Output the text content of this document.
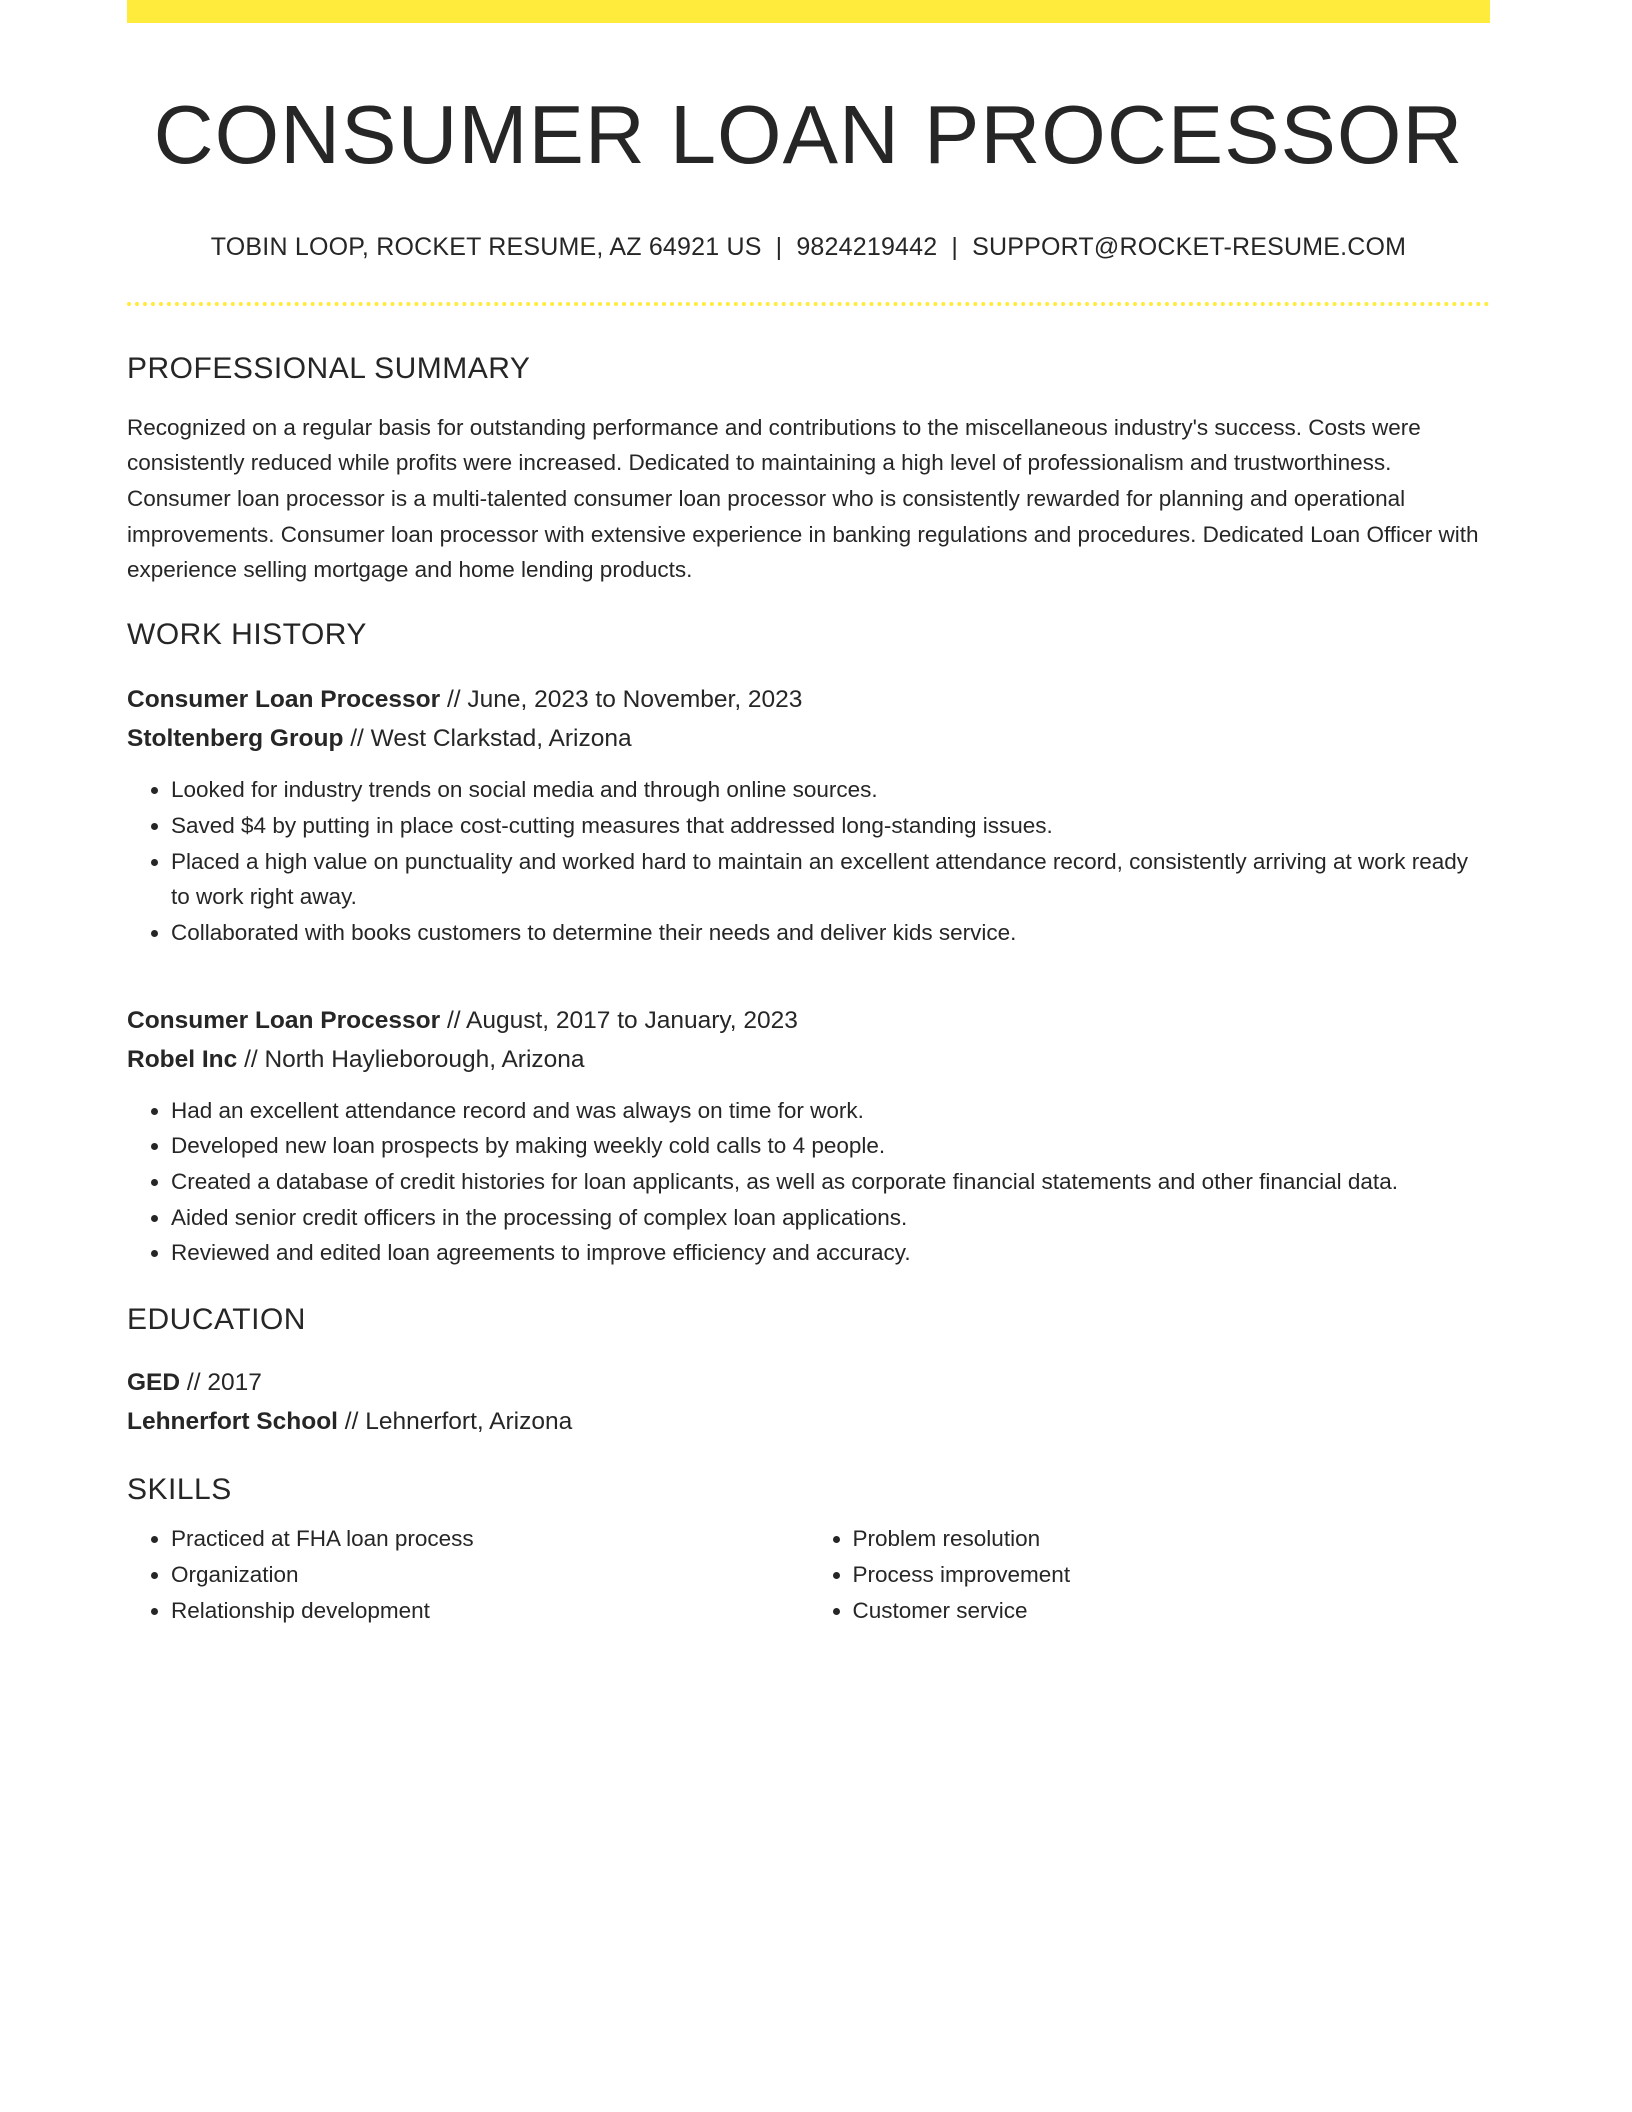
CONSUMER LOAN PROCESSOR
TOBIN LOOP, ROCKET RESUME, AZ 64921 US | 9824219442 | SUPPORT@ROCKET-RESUME.COM
PROFESSIONAL SUMMARY
Recognized on a regular basis for outstanding performance and contributions to the miscellaneous industry's success. Costs were consistently reduced while profits were increased. Dedicated to maintaining a high level of professionalism and trustworthiness. Consumer loan processor is a multi-talented consumer loan processor who is consistently rewarded for planning and operational improvements. Consumer loan processor with extensive experience in banking regulations and procedures. Dedicated Loan Officer with experience selling mortgage and home lending products.
WORK HISTORY
Consumer Loan Processor // June, 2023 to November, 2023
Stoltenberg Group // West Clarkstad, Arizona
• Looked for industry trends on social media and through online sources.
• Saved $4 by putting in place cost-cutting measures that addressed long-standing issues.
• Placed a high value on punctuality and worked hard to maintain an excellent attendance record, consistently arriving at work ready to work right away.
• Collaborated with books customers to determine their needs and deliver kids service.
Consumer Loan Processor // August, 2017 to January, 2023
Robel Inc // North Haylieborough, Arizona
• Had an excellent attendance record and was always on time for work.
• Developed new loan prospects by making weekly cold calls to 4 people.
• Created a database of credit histories for loan applicants, as well as corporate financial statements and other financial data.
• Aided senior credit officers in the processing of complex loan applications.
• Reviewed and edited loan agreements to improve efficiency and accuracy.
EDUCATION
GED // 2017
Lehnerfort School // Lehnerfort, Arizona
SKILLS
• Practiced at FHA loan process
• Organization
• Relationship development
• Problem resolution
• Process improvement
• Customer service
